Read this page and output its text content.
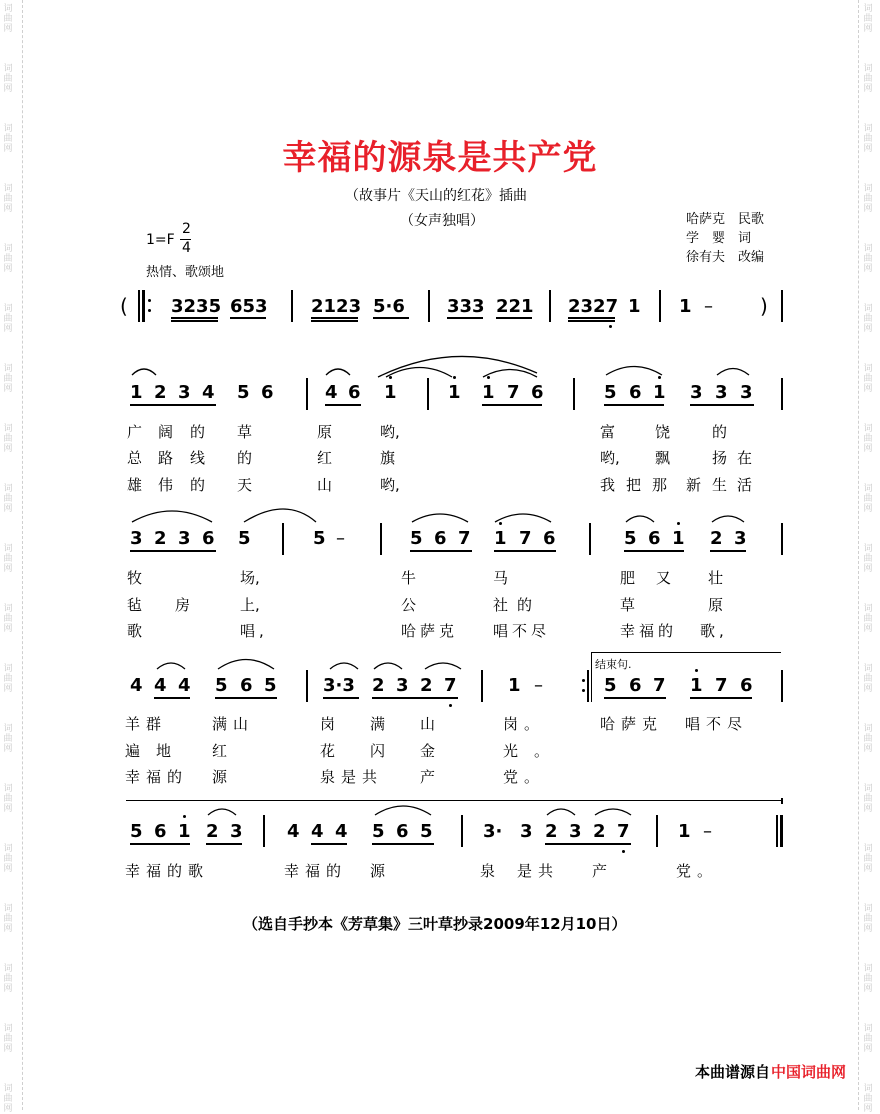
词曲网
词曲网
词曲网
词曲网
词曲网
词曲网
词曲网
词曲网
词曲网
词曲网
词曲网
词曲网
词曲网
词曲网
词曲网
词曲网
词曲网
词曲网
词曲网
词曲网
词曲网
词曲网
词曲网
词曲网
词曲网
词曲网
词曲网
词曲网
词曲网
词曲网
词曲网
词曲网
词曲网
词曲网
词曲网
词曲网
词曲网
词曲网
幸福的源泉是共产党
（故事片《天山的红花》插曲
（女声独唱）
1=F
2
4
热情、歌颂地
哈萨克　民歌
学　婴　词
徐有夫　改编
( 3235 653 2123 5·6 333 221 2327 1 1 – )
1 2 3 4 5 6	4 6 1	1 1 7 6	5 6 1 3 3 3
3 2 3 6 5	5 –	5 6 7 1 7 6	5 6 1 2 3
4 4 4 5 6 5	3·3 2 3 2 7	1 –	5 6 7 1 7 6
结束句.
5 6 1 2 3 4 4 4 5 6 5	3· 3 2 3 2 7	1 –
广 阔 的 草	原	哟,	富	饶	的
总 路 线 的	红	旗	哟, 飘	扬 在
雄 伟 的 天	山	哟,	我 把 那 新 生 活
牧	场,	牛	马	肥 又 壮
毡 房	上,	公	社 的	草	原
歌	唱,	哈萨克 唱不尽	幸福的 歌,
羊群	满山	岗 满 山	岗。	哈萨克 唱不尽
遍地 红	花 闪 金	光。
幸福的 源	泉是共 产	党。
幸福的歌	幸福的 源	泉 是共 产	党。
（选自手抄本《芳草集》三叶草抄录2009年12月10日）
本曲谱源自 中国词曲网
